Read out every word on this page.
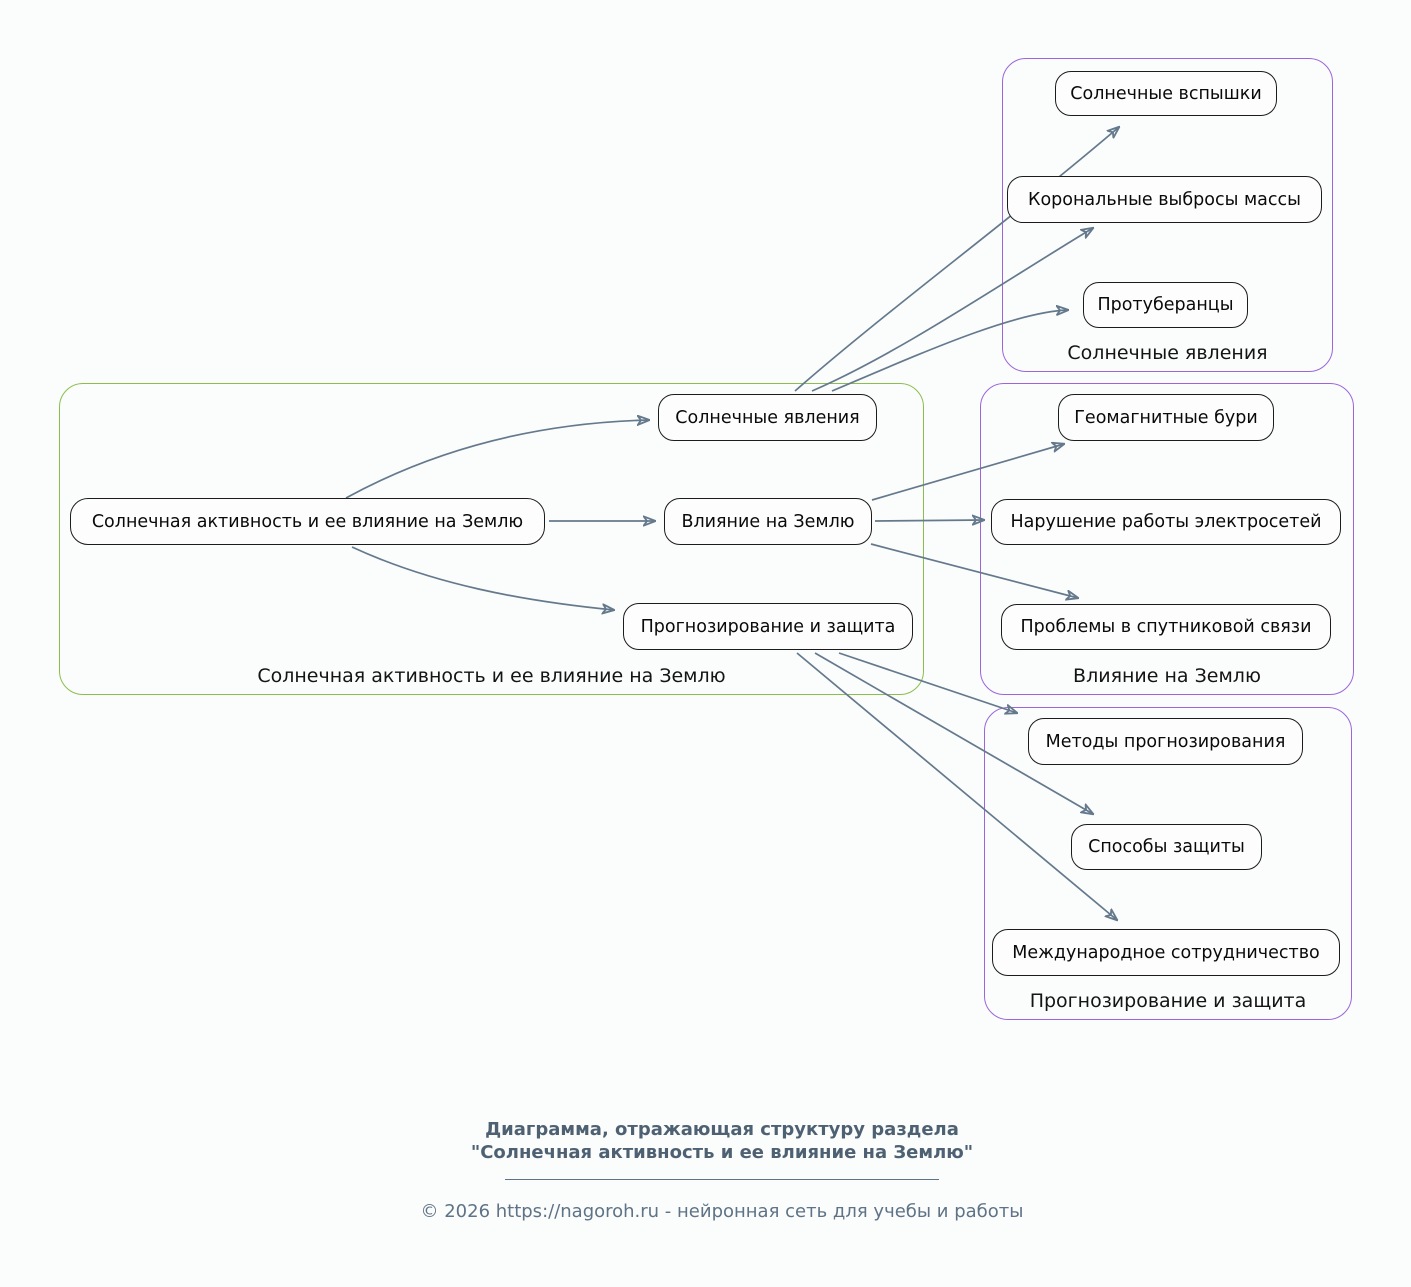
Солнечная активность и ее влияние на Землю
Солнечные явления
Влияние на Землю
Прогнозирование и защита
Солнечная активность и ее влияние на Землю
Солнечные явления
Влияние на Землю
Прогнозирование и защита
Солнечные вспышки
Корональные выбросы массы
Протуберанцы
Геомагнитные бури
Нарушение работы электросетей
Проблемы в спутниковой связи
Методы прогнозирования
Способы защиты
Международное сотрудничество
Диаграмма, отражающая структуру раздела
"Солнечная активность и ее влияние на Землю"
© 2026 https://nagoroh.ru - нейронная сеть для учебы и работы
